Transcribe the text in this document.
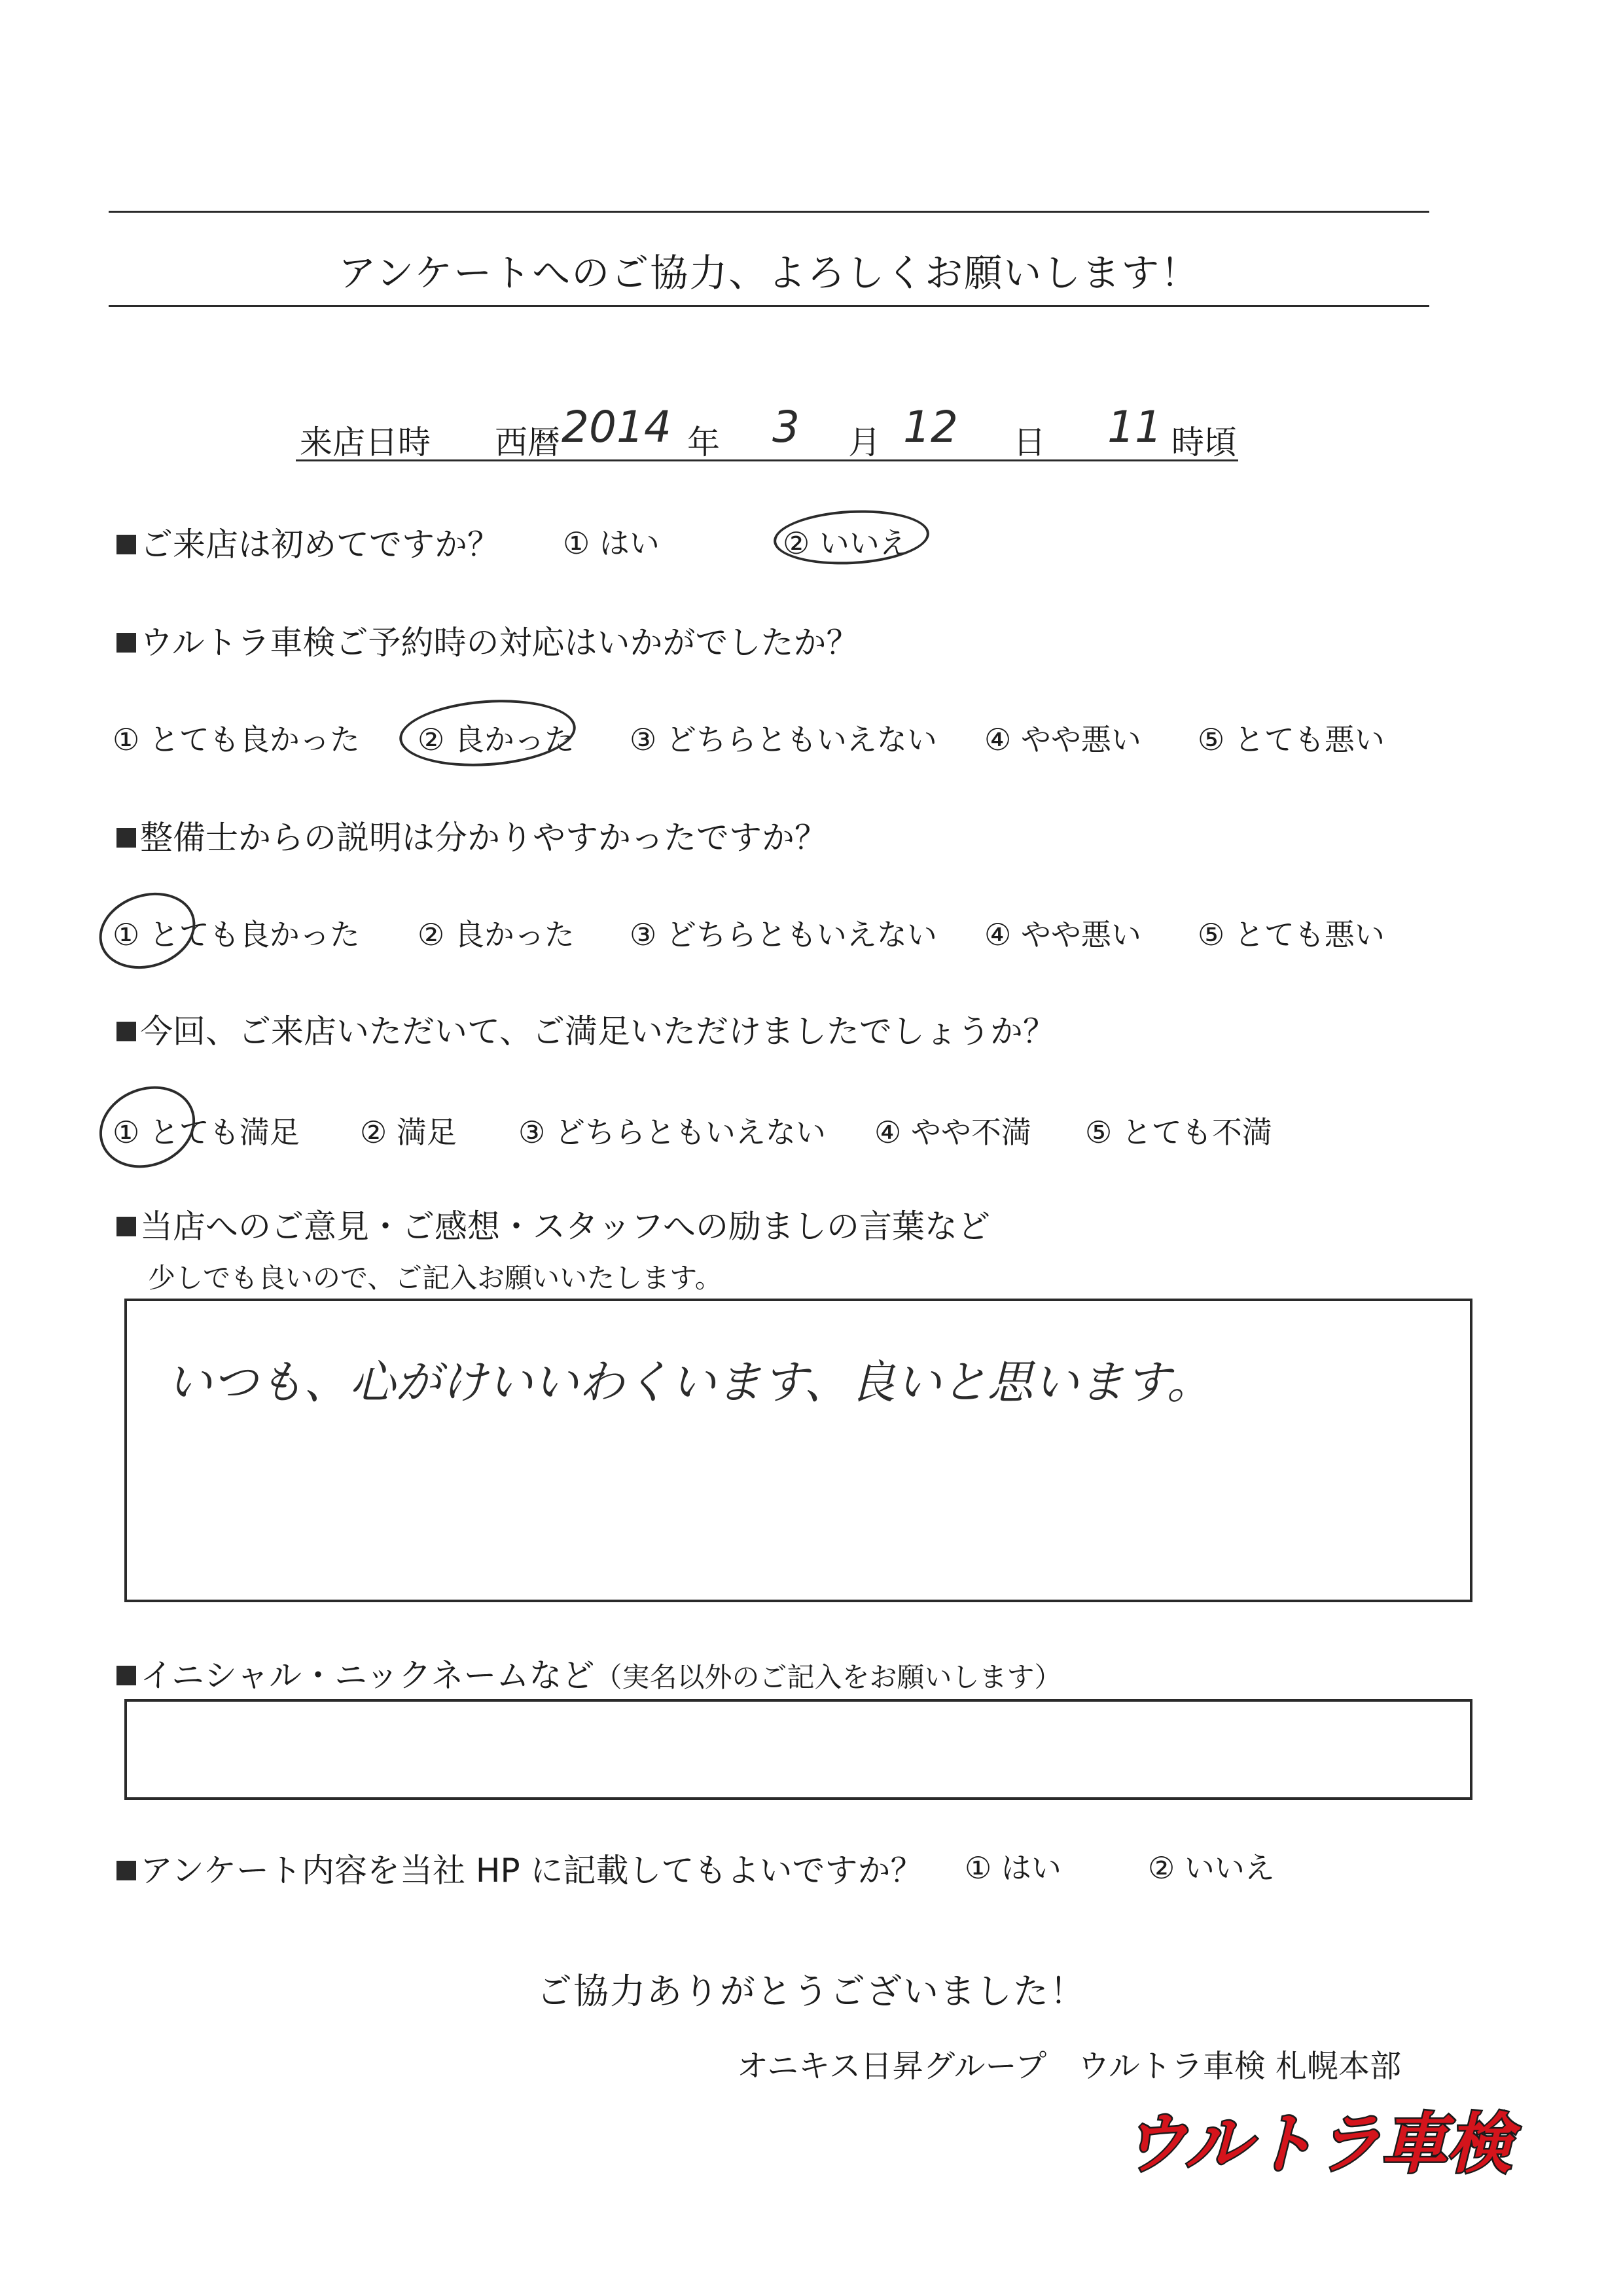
アンケートへのご協力、よろしくお願いします！
来店日時 西暦 2014 年 3 月 12 日 11 時頃
ご来店は初めてですか？ ① はい	② いいえ
ウルトラ車検ご予約時の対応はいかがでしたか？
① とても良かった ② 良かった ③ どちらともいえない ④ やや悪い ⑤ とても悪い
整備士からの説明は分かりやすかったですか？
① とても良かった ② 良かった ③ どちらともいえない ④ やや悪い ⑤ とても悪い
今回、ご来店いただいて、ご満足いただけましたでしょうか？
① とても満足 ② 満足 ③ どちらともいえない ④ やや不満 ⑤ とても不満
当店へのご意見・ご感想・スタッフへの励ましの言葉など
少しでも良いので、ご記入お願いいたします。
いつも、心がけいいわくいます、良いと思います。
イニシャル・ニックネームなど（実名以外のご記入をお願いします）
アンケート内容を当社 HP に記載してもよいですか？ ① はい	② いいえ
ご協力ありがとうございました！
オニキス日昇グループ　ウルトラ車検 札幌本部
ウルトラ車検
